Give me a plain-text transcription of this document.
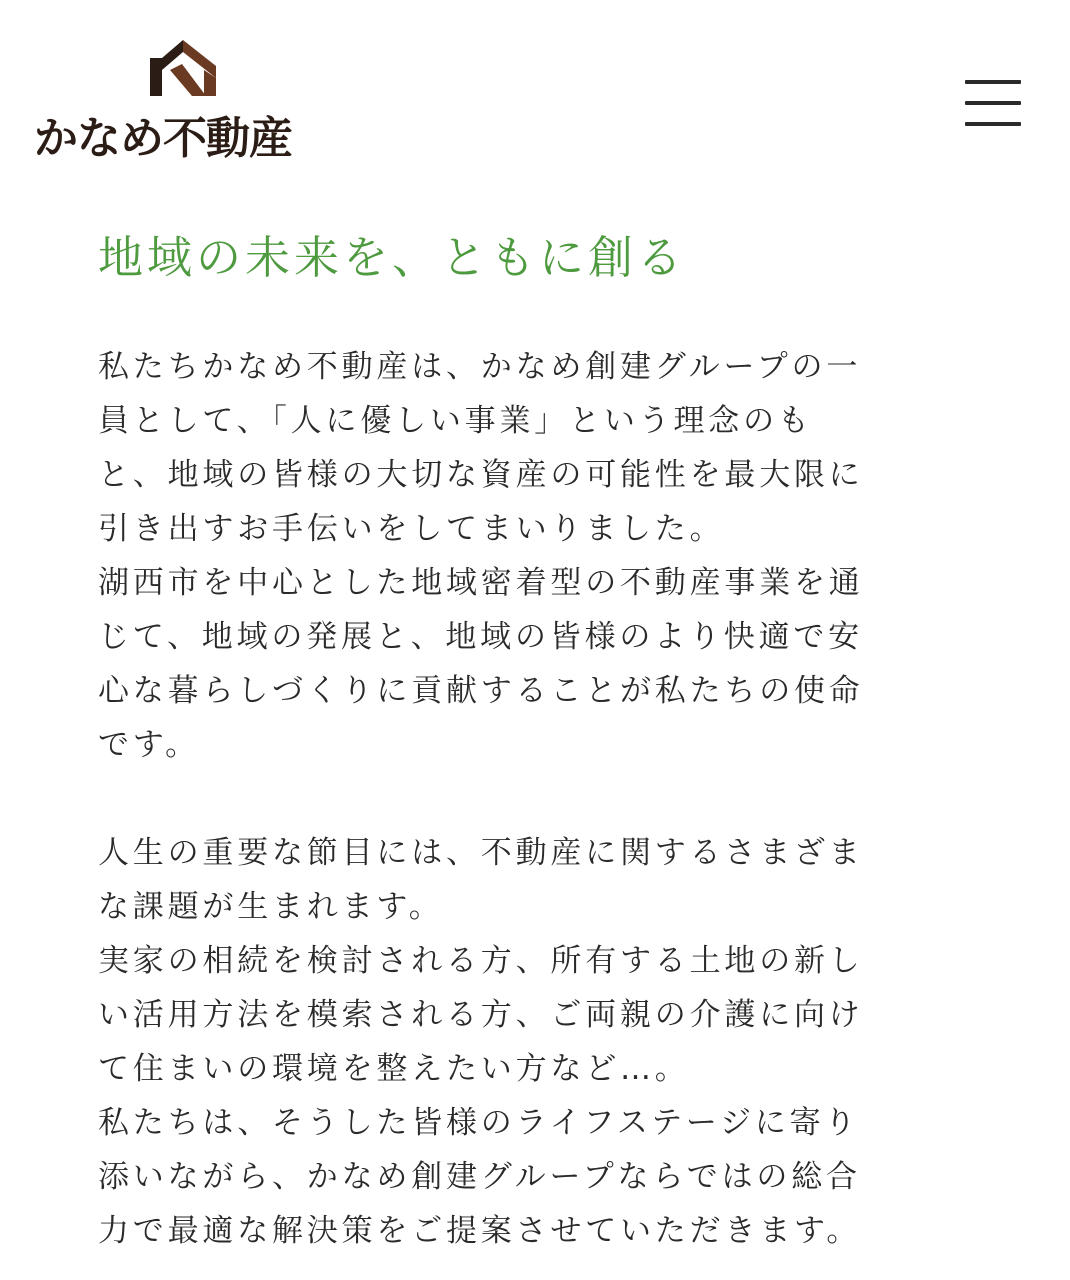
かなめ不動産
地域の未来を、ともに創る

私たちかなめ不動産は、かなめ創建グループの一
員として、「人に優しい事業」という理念のも
と、地域の皆様の大切な資産の可能性を最大限に
引き出すお手伝いをしてまいりました。
湖西市を中心とした地域密着型の不動産事業を通
じて、地域の発展と、地域の皆様のより快適で安
心な暮らしづくりに貢献することが私たちの使命
です。

人生の重要な節目には、不動産に関するさまざま
な課題が生まれます。
実家の相続を検討される方、所有する土地の新し
い活用方法を模索される方、ご両親の介護に向け
て住まいの環境を整えたい方など…。
私たちは、そうした皆様のライフステージに寄り
添いながら、かなめ創建グループならではの総合
力で最適な解決策をご提案させていただきます。
